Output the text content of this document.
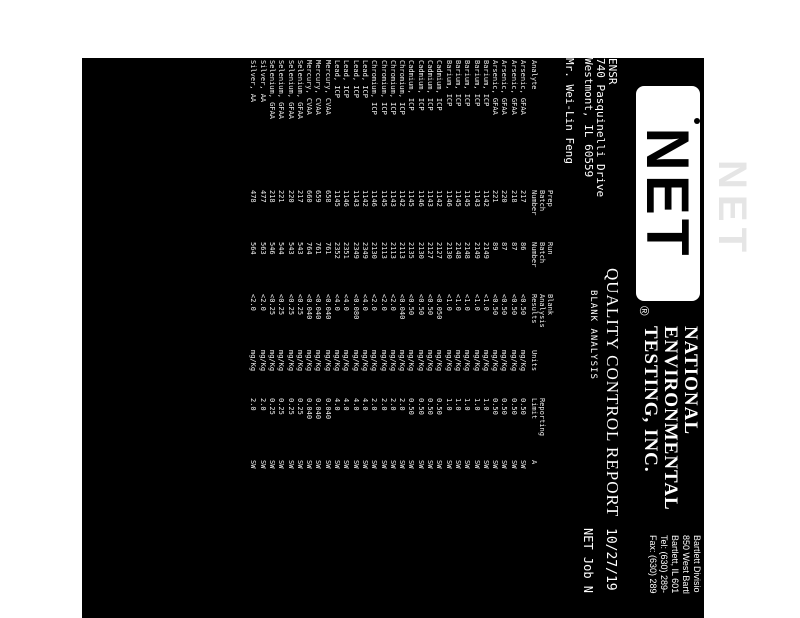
NET
®
NATIONAL
ENVIRONMENTAL
TESTING, INC.
Bartlett Divisio
850 West Bartl
Bartlett, IL 601
Tel: (630) 289-
Fax: (630) 289
QUALITY CONTROL REPORT
BLANK ANALYSIS
ENSR
740 Pasquinelli Drive
Westmont, IL 60559
Mr. Wei-Lin Feng
10/27/19
NET Job N
Analyte	Prep
Batch
Number	Run
Batch
Number	Blank
Analysis
Results	Units	Reporting
Limit	A
Arsenic, GFAA	217	86	<0.50	mg/Kg	0.50	SW
Arsenic, GFAA	218	87	<0.50	mg/Kg	0.50	SW
Arsenic, GFAA	220	87	<0.50	mg/Kg	0.50	SW
Arsenic, GFAA	221	89	<0.50	mg/Kg	0.50	SW
Barium, ICP	1142	2149	<1.0	mg/Kg	1.0	SW
Barium, ICP	1143	2149	<1.0	mg/Kg	1.0	SW
Barium, ICP	1145	2148	<1.0	mg/Kg	1.0	SW
Barium, ICP	1145	2148	<1.0	mg/Kg	1.0	SW
Barium, ICP	1146	2130	<1.0	mg/Kg	1.0	SW
Cadmium, ICP	1142	2127	<0.050	mg/Kg	0.50	SW
Cadmium, ICP	1143	2127	<0.50	mg/Kg	0.50	SW
Cadmium, ICP	1146	2130	<0.50	mg/Kg	0.50	SW
Cadmium, ICP	1145	2135	<0.50	mg/Kg	0.50	SW
Chromium, ICP	1142	2113	<0.040	mg/Kg	2.0	SW
Chromium, ICP	1143	2113	<2.0	mg/Kg	2.0	SW
Chromium, ICP	1145	2113	<2.0	mg/Kg	2.0	SW
Chromium, ICP	1146	2130	<2.0	mg/Kg	2.0	SW
Lead, ICP	1142	2349	<4.0	mg/Kg	4.0	SW
Lead, ICP	1143	2349	<0.080	mg/Kg	4.0	SW
Lead, ICP	1146	2351	<4.0	mg/Kg	4.0	SW
Lead, ICP	1145	2352	<4.0	mg/Kg	4.0	SW
Mercury, CVAA	658	761	<0.040	mg/Kg	0.040	SW
Mercury, CVAA	659	761	<0.040	mg/Kg	0.040	SW
Mercury, CVAA	660	764	<0.040	mg/Kg	0.040	SW
Selenium, GFAA	217	543	<0.25	mg/Kg	0.25	SW
Selenium, GFAA	220	543	<0.25	mg/Kg	0.25	SW
Selenium, GFAA	221	544	<0.25	mg/Kg	0.25	SW
Selenium, GFAA	218	546	<0.25	mg/Kg	0.25	SW
Silver, AA	477	563	<2.0	mg/Kg	2.0	SW
Silver, AA	478	564	<2.0	mg/Kg	2.0	SW
NET
